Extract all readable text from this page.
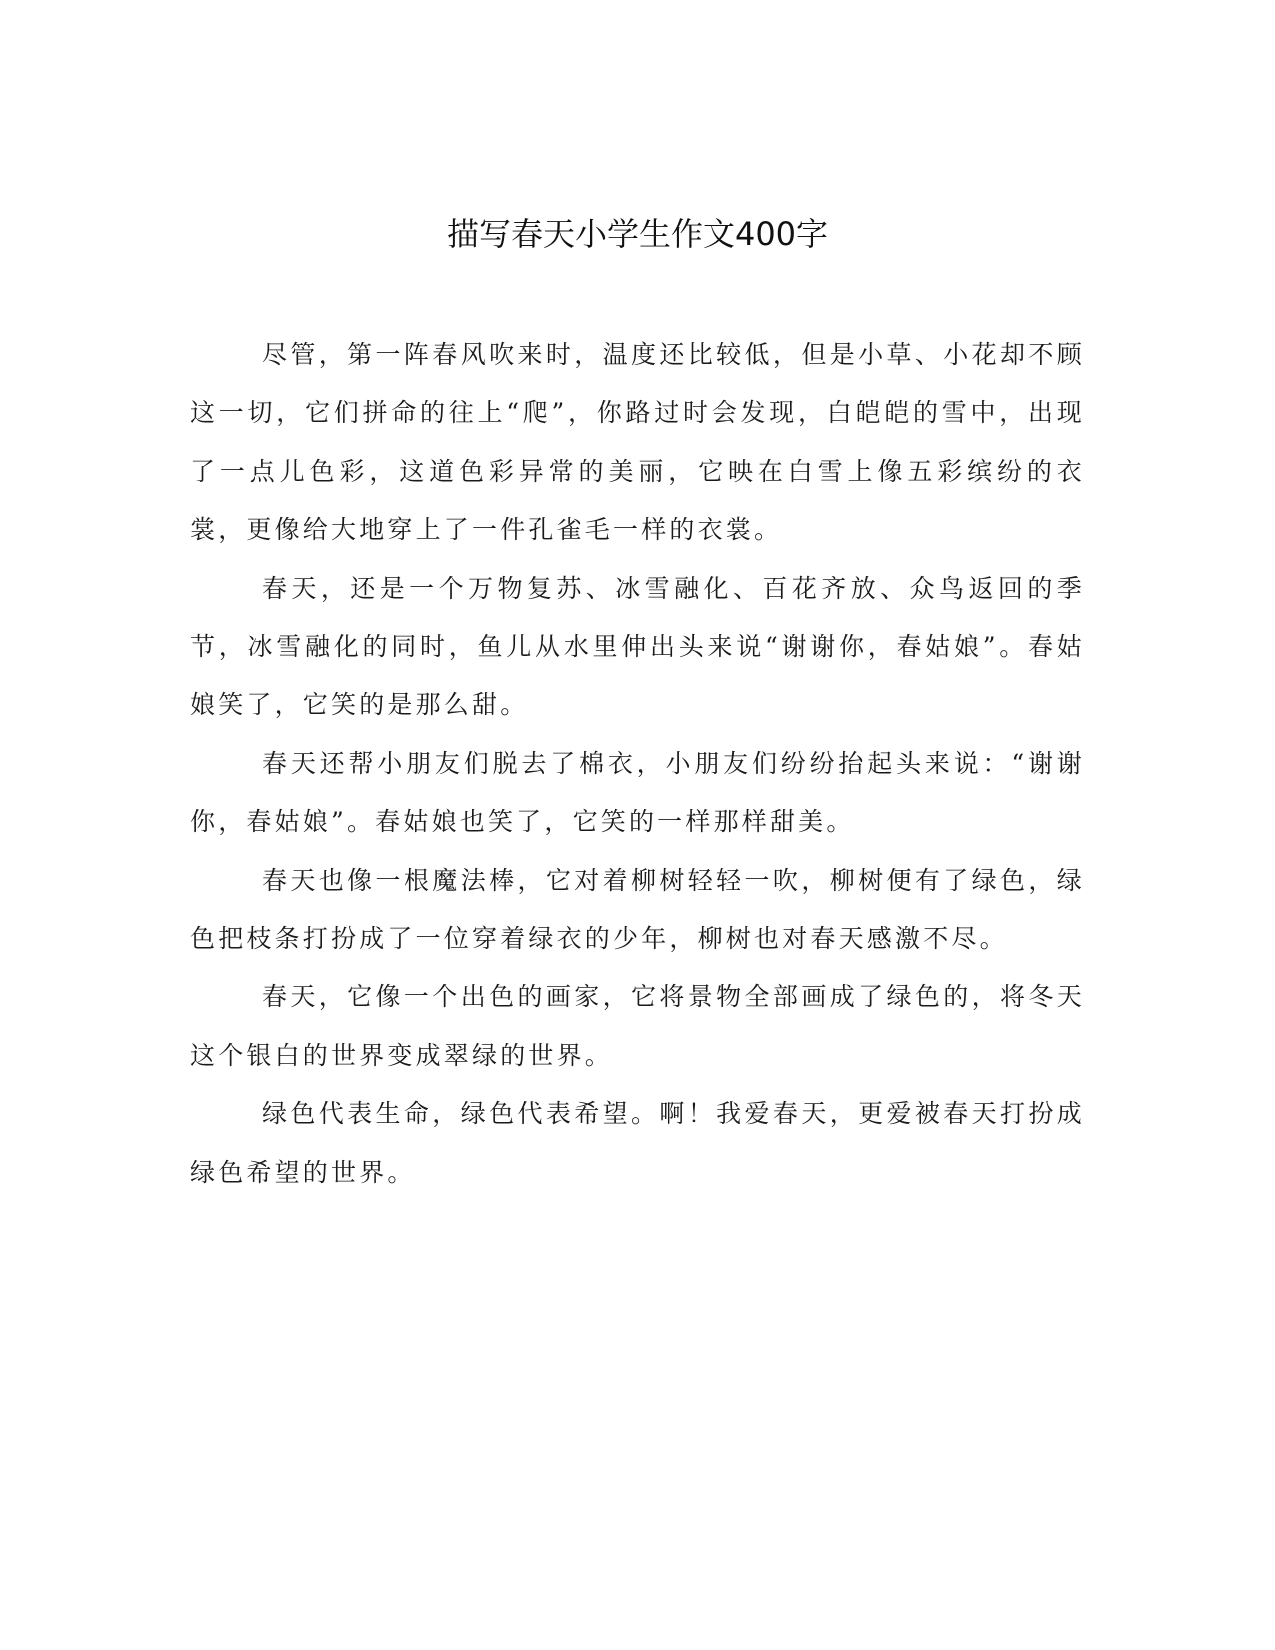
描写春天小学生作文400字

尽管，第一阵春风吹来时，温度还比较低，但是小草、小花却不顾这一切，它们拼命的往上“爬”，你路过时会发现，白皑皑的雪中，出现了一点儿色彩，这道色彩异常的美丽，它映在白雪上像五彩缤纷的衣裳，更像给大地穿上了一件孔雀毛一样的衣裳。

春天，还是一个万物复苏、冰雪融化、百花齐放、众鸟返回的季节，冰雪融化的同时，鱼儿从水里伸出头来说“谢谢你，春姑娘”。春姑娘笑了，它笑的是那么甜。

春天还帮小朋友们脱去了棉衣，小朋友们纷纷抬起头来说：“谢谢你，春姑娘”。春姑娘也笑了，它笑的一样那样甜美。

春天也像一根魔法棒，它对着柳树轻轻一吹，柳树便有了绿色，绿色把枝条打扮成了一位穿着绿衣的少年，柳树也对春天感激不尽。

春天，它像一个出色的画家，它将景物全部画成了绿色的，将冬天这个银白的世界变成翠绿的世界。

绿色代表生命，绿色代表希望。啊！我爱春天，更爱被春天打扮成绿色希望的世界。
